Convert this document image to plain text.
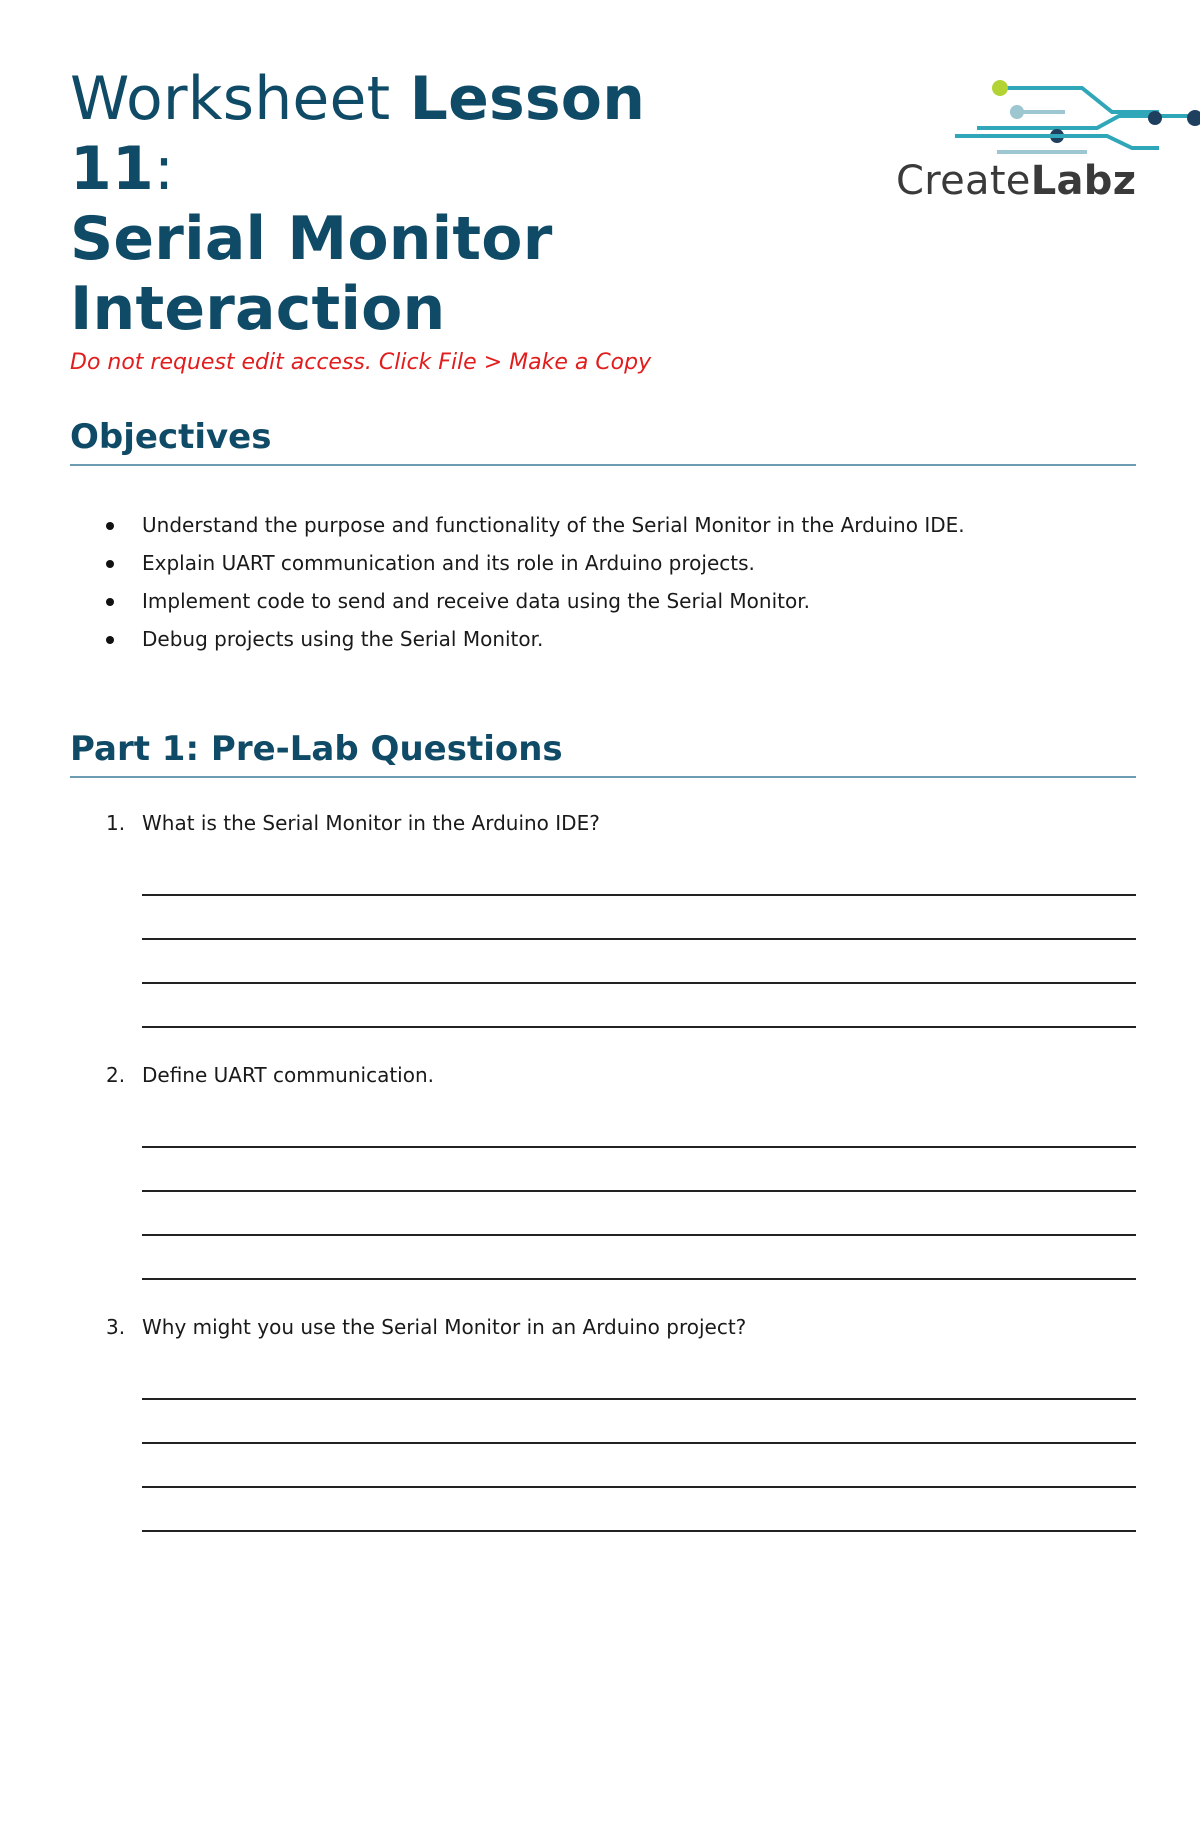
Worksheet Lesson 11:
Serial Monitor
Interaction
Do not request edit access. Click File > Make a Copy
CreateLabz
Objectives
Understand the purpose and functionality of the Serial Monitor in the Arduino IDE.
Explain UART communication and its role in Arduino projects.
Implement code to send and receive data using the Serial Monitor.
Debug projects using the Serial Monitor.
Part 1: Pre-Lab Questions
1. What is the Serial Monitor in the Arduino IDE?
2. Define UART communication.
3. Why might you use the Serial Monitor in an Arduino project?
